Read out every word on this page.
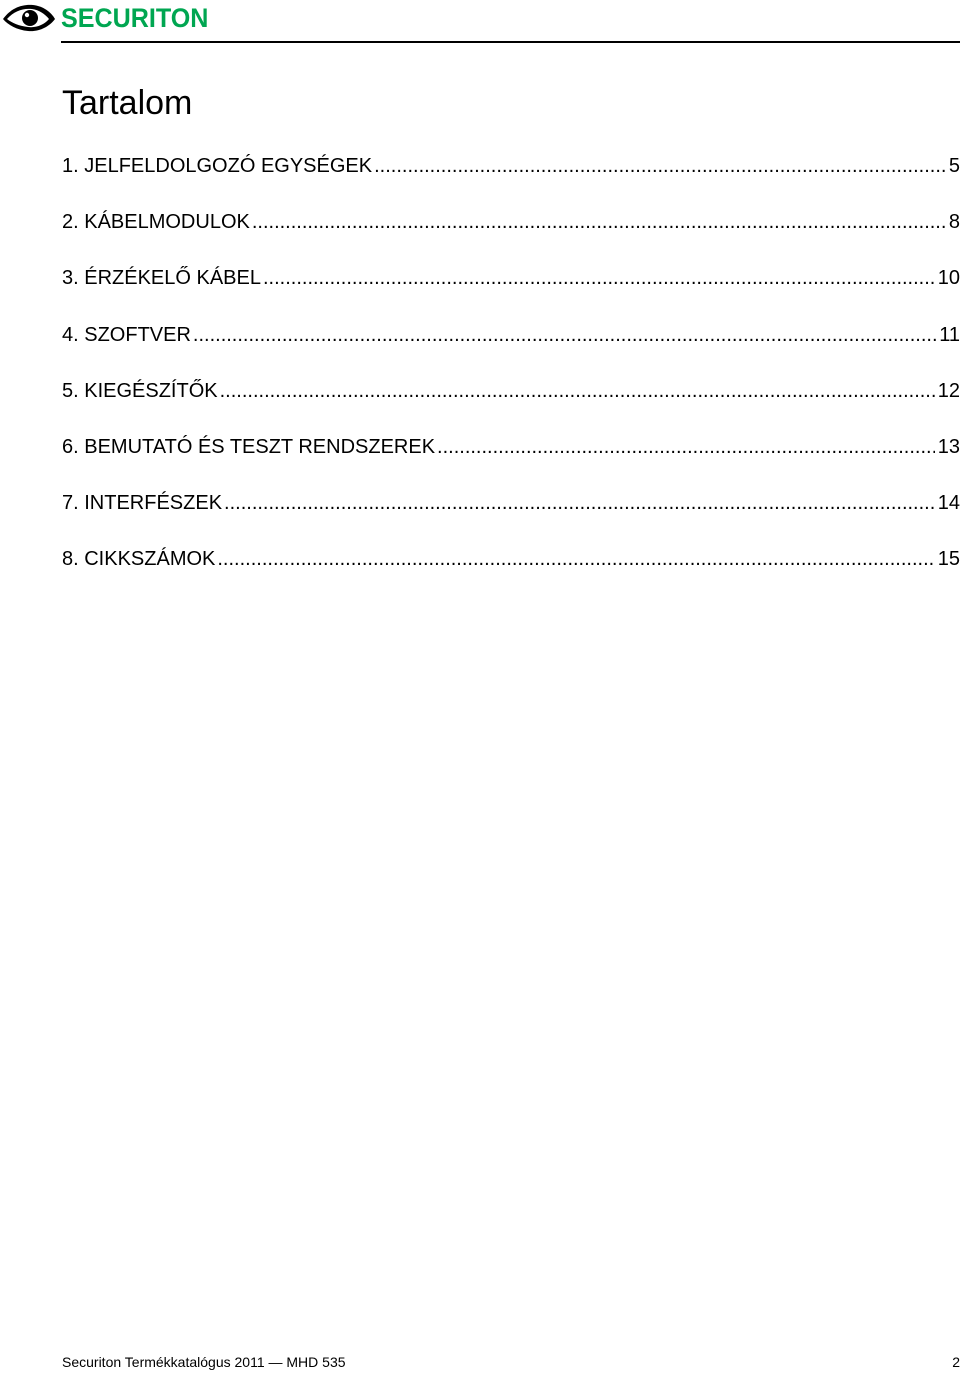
SECURITON
Tartalom
1. JELFELDOLGOZÓ EGYSÉGEK .....	5
2. KÁBELMODULOK .....	8
3. ÉRZÉKELŐ KÁBEL .....	10
4. SZOFTVER .....	11
5. KIEGÉSZÍTŐK .....	12
6. BEMUTATÓ ÉS TESZT RENDSZEREK .....	13
7. INTERFÉSZEK .....	14
8. CIKKSZÁMOK .....	15
Securiton Termékkatalógus 2011 — MHD 535	2
